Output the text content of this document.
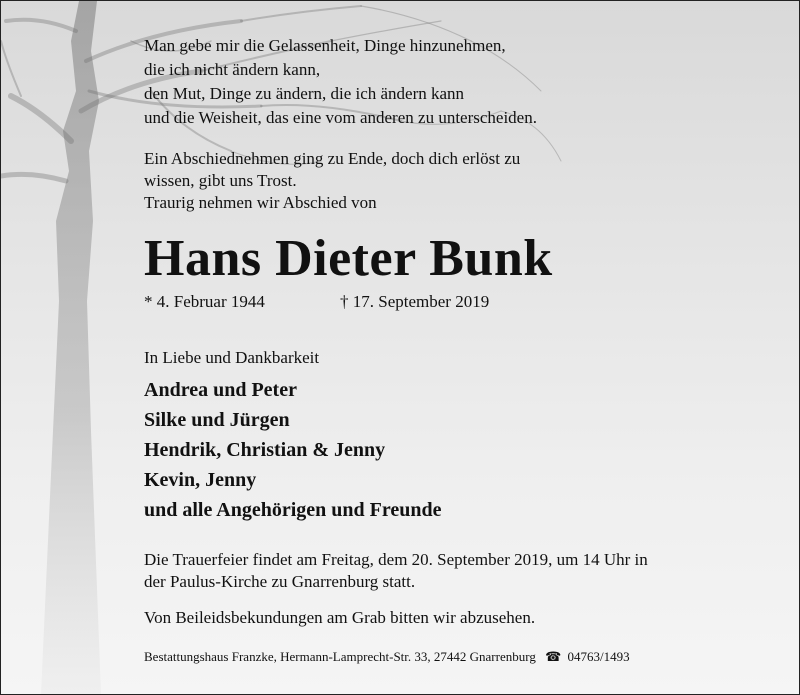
Man gebe mir die Gelassenheit, Dinge hinzunehmen,
die ich nicht ändern kann,
den Mut, Dinge zu ändern, die ich ändern kann
und die Weisheit, das eine vom anderen zu unterscheiden.
Ein Abschiednehmen ging zu Ende, doch dich erlöst zu
wissen, gibt uns Trost.
Traurig nehmen wir Abschied von
Hans Dieter Bunk
* 4. Februar 1944	† 17. September 2019
In Liebe und Dankbarkeit
Andrea und Peter
Silke und Jürgen
Hendrik, Christian & Jenny
Kevin, Jenny
und alle Angehörigen und Freunde
Die Trauerfeier findet am Freitag, dem 20. September 2019, um 14 Uhr in
der Paulus-Kirche zu Gnarrenburg statt.
Von Beileidsbekundungen am Grab bitten wir abzusehen.
Bestattungshaus Franzke, Hermann-Lamprecht-Str. 33, 27442 Gnarrenburg ☎ 04763/1493
